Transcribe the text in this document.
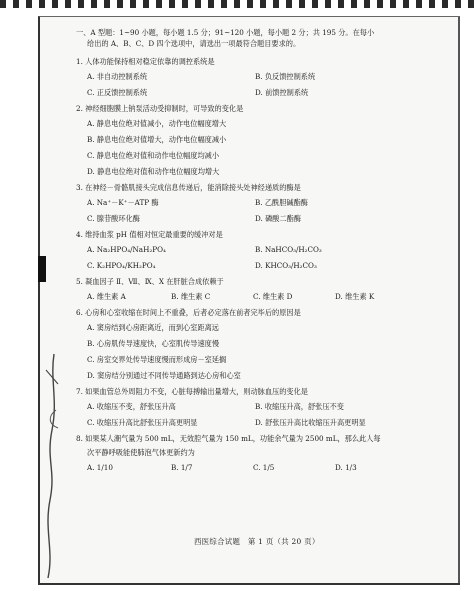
一、A 型题：1~90 小题，每小题 1.5 分；91~120 小题，每小题 2 分；共 195 分。在每小
给出的 A、B、C、D 四个选项中，请选出一项最符合题目要求的。
1. 人体功能保持相对稳定依靠的调控系统是
A. 非自动控制系统	B. 负反馈控制系统
C. 正反馈控制系统	D. 前馈控制系统
2. 神经细胞膜上钠泵活动受抑制时，可导致的变化是
A. 静息电位绝对值减小，动作电位幅度增大
B. 静息电位绝对值增大，动作电位幅度减小
C. 静息电位绝对值和动作电位幅度均减小
D. 静息电位绝对值和动作电位幅度均增大
3. 在神经－骨骼肌接头完成信息传递后，能消除接头处神经递质的酶是
A. Na⁺－K⁺－ATP 酶	B. 乙酰胆碱酯酶
C. 腺苷酸环化酶	D. 磷酸二酯酶
4. 维持血浆 pH 值相对恒定最重要的缓冲对是
A. Na₂HPO₄/NaH₂PO₄	B. NaHCO₃/H₂CO₃
C. K₂HPO₄/KH₂PO₄	D. KHCO₃/H₂CO₃
5. 凝血因子 Ⅱ、Ⅶ、Ⅸ、Ⅹ 在肝脏合成依赖于
A. 维生素 A	B. 维生素 C	C. 维生素 D	D. 维生素 K
6. 心房和心室收缩在时间上不重叠，后者必定落在前者完毕后的原因是
A. 窦房结到心房距离近，而到心室距离远
B. 心房肌传导速度快，心室肌传导速度慢
C. 房室交界处传导速度慢而形成房－室延搁
D. 窦房结分别通过不同传导通路到达心房和心室
7. 如果血管总外周阻力不变，心脏每搏输出量增大，则动脉血压的变化是
A. 收缩压不变，舒张压升高	B. 收缩压升高，舒张压不变
C. 收缩压升高比舒张压升高更明显	D. 舒张压升高比收缩压升高更明显
8. 如果某人潮气量为 500 mL，无效腔气量为 150 mL，功能余气量为 2500 mL，那么此人每
次平静呼吸能使肺泡气体更新约为
A. 1/10	B. 1/7	C. 1/5	D. 1/3
西医综合试题　第 1 页（共 20 页）
